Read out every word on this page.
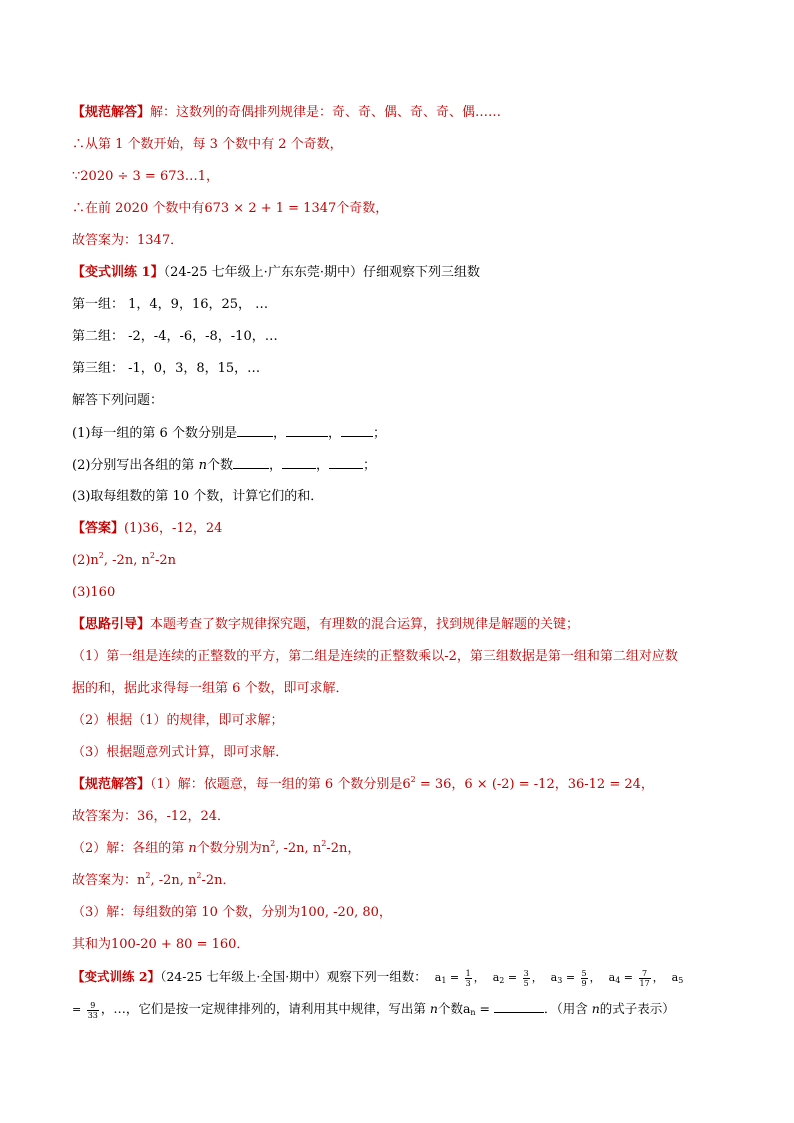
【规范解答】解：这数列的奇偶排列规律是：奇、奇、偶、奇、奇、偶……
∴从第 1 个数开始，每 3 个数中有 2 个奇数，
∵2020 ÷ 3 = 673…1，
∴在前 2020 个数中有673 × 2 + 1 = 1347个奇数，
故答案为：1347．
【变式训练 1】（24-25 七年级上·广东东莞·期中）仔细观察下列三组数
第一组： 1，4，9，16，25， …
第二组： -2，-4，-6，-8，-10，…
第三组： -1，0，3，8，15，…
解答下列问题：
(1)每一组的第 6 个数分别是	，	， ；
(2)分别写出各组的第 n个数	，	，	；
(3)取每组数的第 10 个数，计算它们的和．
【答案】(1)36，-12，24
$(2)n^2$, -2n, $n^2-2n$
(3)160
【思路引导】本题考查了数字规律探究题，有理数的混合运算，找到规律是解题的关键；
（1）第一组是连续的正整数的平方，第二组是连续的正整数乘以-2，第三组数据是第一组和第二组对应数
据的和，据此求得每一组第 6 个数，即可求解．
（2）根据（1）的规律，即可求解；
（3）根据题意列式计算，即可求解．
【规范解答】（1）解：依题意，每一组的第 6 个数分别是$6^2 = 36$，6 × (-2) = -12，36-12 = 24，
故答案为：36，-12，24．
（2）解：各组的第 n个数分别为$n^2$, -2n, $n^2-2n$，
故答案为：$n^2$, -2n, $n^2-2n$．
（3）解：每组数的第 10 个数，分别为100, -20, 80，
其和为100-20 + 80 = 160．
【变式训练 2】（24-25 七年级上·全国·期中）观察下列一组数： $a_1 = \frac{1}{3}$ ， $a_2 = \frac{3}{5}$ ， $a_3 = \frac{5}{9}$ ， $a_4 = \frac{7}{17}$ ， $a_5$
= $\frac{9}{33}$ ，…，它们是按一定规律排列的，请利用其中规律，写出第 n个数$a_n$ =	．（用含 n的式子表示）
